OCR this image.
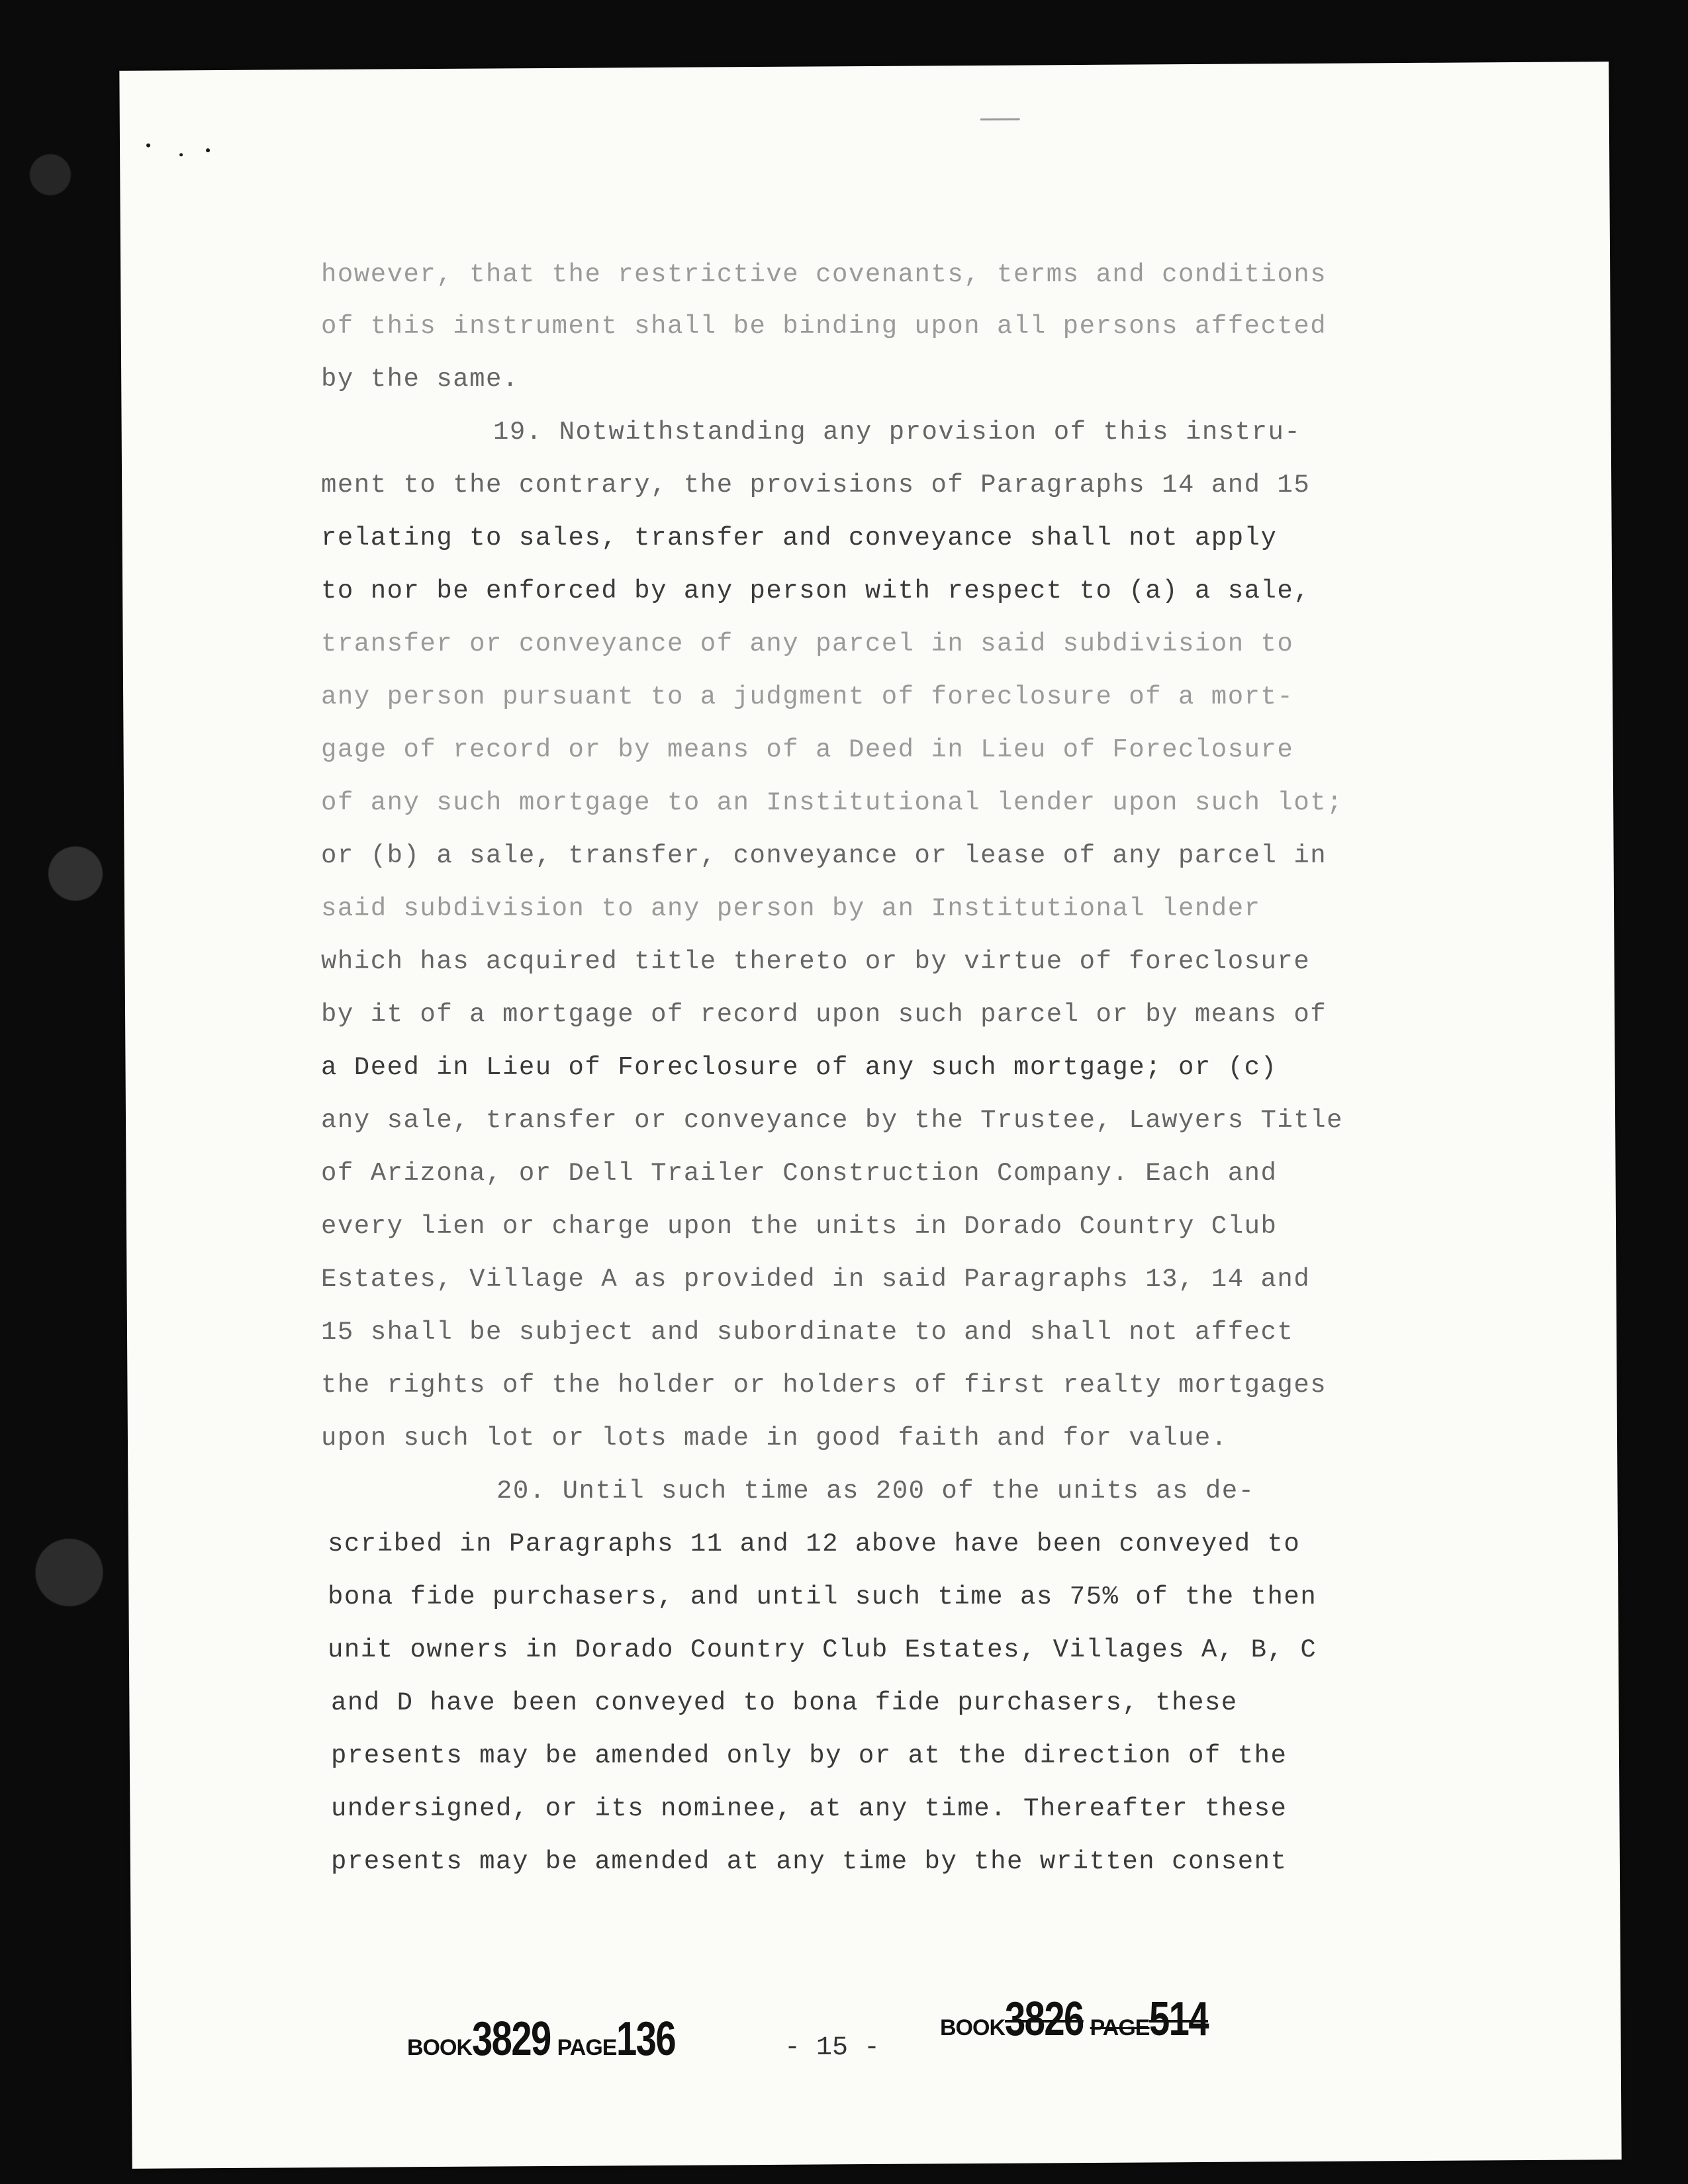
however, that the restrictive covenants, terms and conditions
of this instrument shall be binding upon all persons affected
by the same.
19. Notwithstanding any provision of this instru-
ment to the contrary, the provisions of Paragraphs 14 and 15
relating to sales, transfer and conveyance shall not apply
to nor be enforced by any person with respect to (a) a sale,
transfer or conveyance of any parcel in said subdivision to
any person pursuant to a judgment of foreclosure of a mort-
gage of record or by means of a Deed in Lieu of Foreclosure
of any such mortgage to an Institutional lender upon such lot;
or (b) a sale, transfer, conveyance or lease of any parcel in
said subdivision to any person by an Institutional lender
which has acquired title thereto or by virtue of foreclosure
by it of a mortgage of record upon such parcel or by means of
a Deed in Lieu of Foreclosure of any such mortgage; or (c)
any sale, transfer or conveyance by the Trustee, Lawyers Title
of Arizona, or Dell Trailer Construction Company. Each and
every lien or charge upon the units in Dorado Country Club
Estates, Village A as provided in said Paragraphs 13, 14 and
15 shall be subject and subordinate to and shall not affect
the rights of the holder or holders of first realty mortgages
upon such lot or lots made in good faith and for value.
20. Until such time as 200 of the units as de-
scribed in Paragraphs 11 and 12 above have been conveyed to
bona fide purchasers, and until such time as 75% of the then
unit owners in Dorado Country Club Estates, Villages A, B, C
and D have been conveyed to bona fide purchasers, these
presents may be amended only by or at the direction of the
undersigned, or its nominee, at any time. Thereafter these
presents may be amended at any time by the written consent
BOOK3829 PAGE136	- 15 -
BOOK3826 PAGE514
